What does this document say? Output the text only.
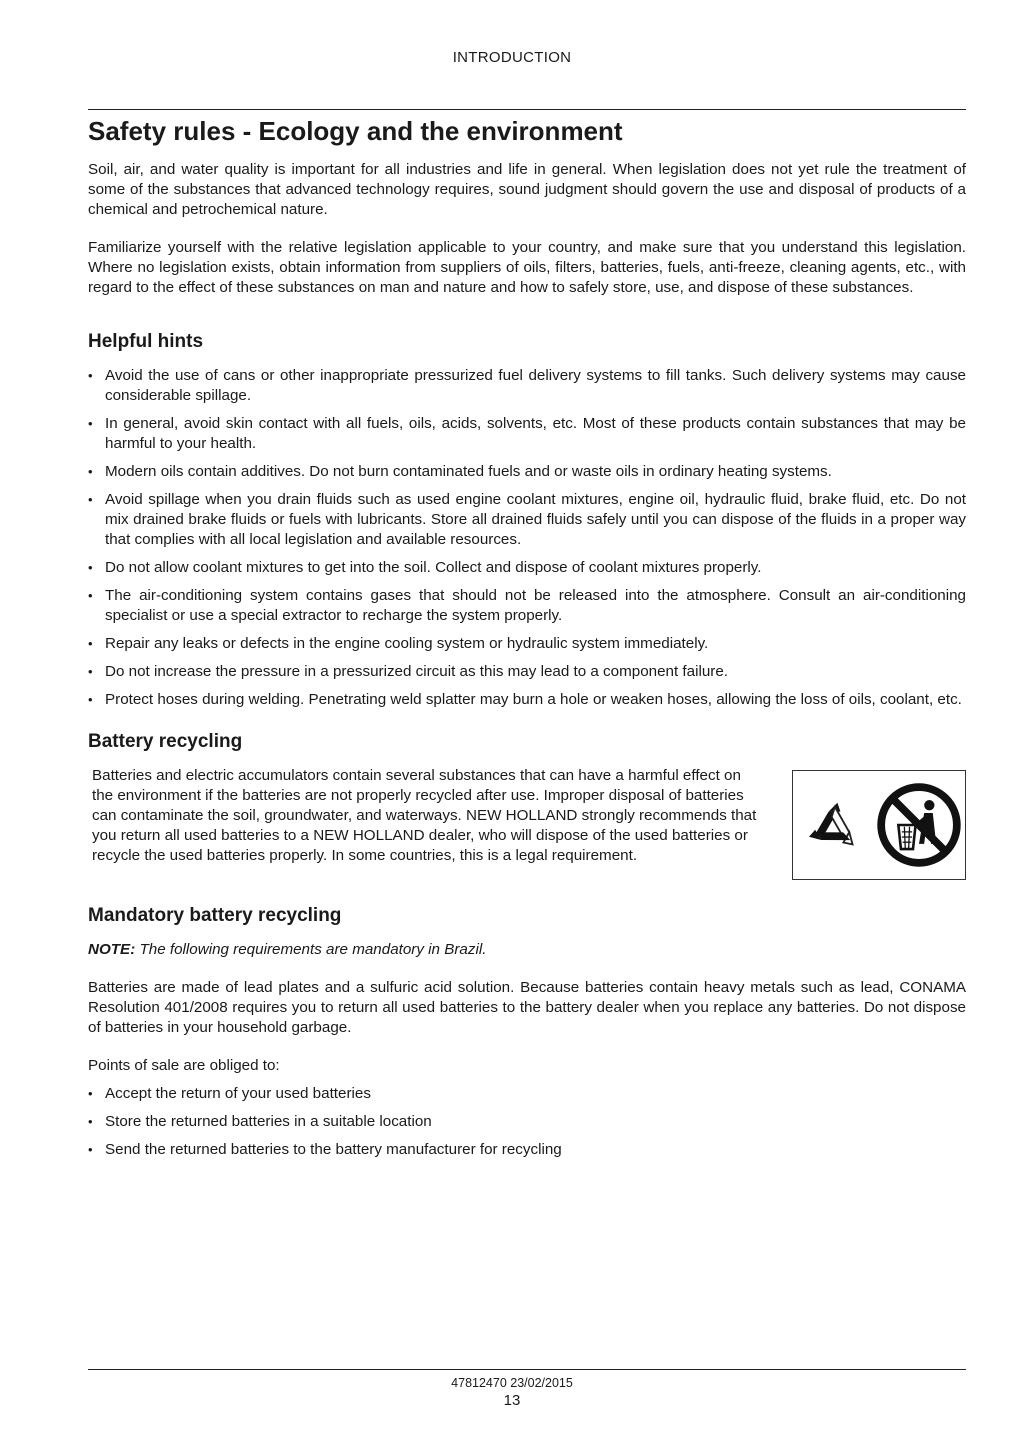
INTRODUCTION
Safety rules - Ecology and the environment

Soil, air, and water quality is important for all industries and life in general. When legislation does not yet rule the treatment of some of the substances that advanced technology requires, sound judgment should govern the use and disposal of products of a chemical and petrochemical nature.

Familiarize yourself with the relative legislation applicable to your country, and make sure that you understand this legislation. Where no legislation exists, obtain information from suppliers of oils, filters, batteries, fuels, anti-freeze, cleaning agents, etc., with regard to the effect of these substances on man and nature and how to safely store, use, and dispose of these substances.

Helpful hints
• Avoid the use of cans or other inappropriate pressurized fuel delivery systems to fill tanks. Such delivery systems may cause considerable spillage.
• In general, avoid skin contact with all fuels, oils, acids, solvents, etc. Most of these products contain substances that may be harmful to your health.
• Modern oils contain additives. Do not burn contaminated fuels and or waste oils in ordinary heating systems.
• Avoid spillage when you drain fluids such as used engine coolant mixtures, engine oil, hydraulic fluid, brake fluid, etc. Do not mix drained brake fluids or fuels with lubricants. Store all drained fluids safely until you can dispose of the fluids in a proper way that complies with all local legislation and available resources.
• Do not allow coolant mixtures to get into the soil. Collect and dispose of coolant mixtures properly.
• The air-conditioning system contains gases that should not be released into the atmosphere. Consult an air-conditioning specialist or use a special extractor to recharge the system properly.
• Repair any leaks or defects in the engine cooling system or hydraulic system immediately.
• Do not increase the pressure in a pressurized circuit as this may lead to a component failure.
• Protect hoses during welding. Penetrating weld splatter may burn a hole or weaken hoses, allowing the loss of oils, coolant, etc.
Battery recycling

Batteries and electric accumulators contain several substances that can have a harmful effect on the environment if the batteries are not properly recycled after use. Improper disposal of batteries can contaminate the soil, groundwater, and waterways. NEW HOLLAND strongly recommends that you return all used batteries to a NEW HOLLAND dealer, who will dispose of the used batteries or recycle the used batteries properly. In some countries, this is a legal requirement.

Mandatory battery recycling

NOTE: The following requirements are mandatory in Brazil.

Batteries are made of lead plates and a sulfuric acid solution. Because batteries contain heavy metals such as lead, CONAMA Resolution 401/2008 requires you to return all used batteries to the battery dealer when you replace any batteries. Do not dispose of batteries in your household garbage.

Points of sale are obliged to:

• Accept the return of your used batteries
• Store the returned batteries in a suitable location
• Send the returned batteries to the battery manufacturer for recycling
47812470 23/02/2015
13
